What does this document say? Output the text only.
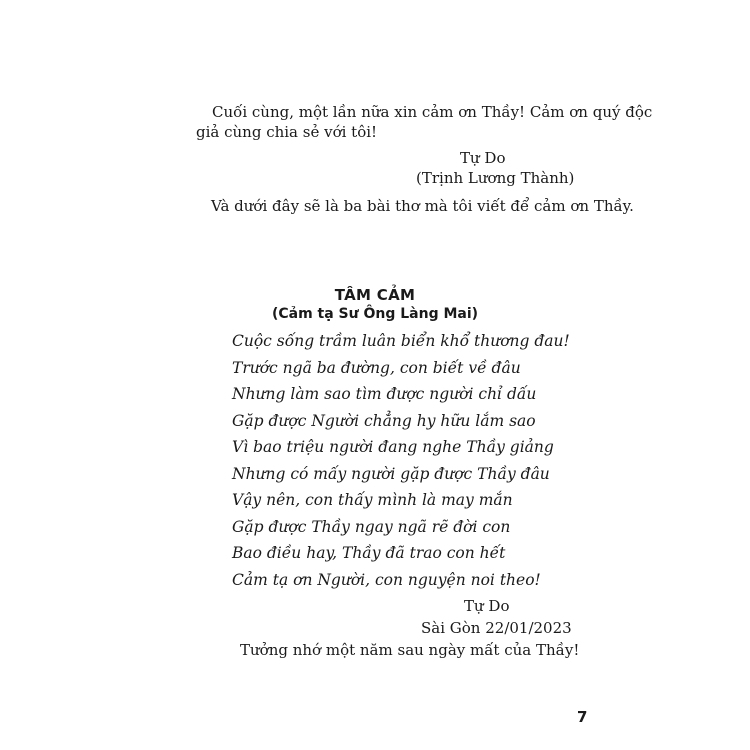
Cuối cùng, một lần nữa xin cảm ơn Thầy! Cảm ơn quý độc

giả cùng chia sẻ với tôi!

Tự Do

(Trịnh Lương Thành)

Và dưới đây sẽ là ba bài thơ mà tôi viết để cảm ơn Thầy.

TÂM CẢM
(Cảm tạ Sư Ông Làng Mai)
Cuộc sống trầm luân biển khổ thương đau!
Trước ngã ba đường, con biết về đâu
Nhưng làm sao tìm được người chỉ dấu
Gặp được Người chẳng hy hữu lắm sao
Vì bao triệu người đang nghe Thầy giảng
Nhưng có mấy người gặp được Thầy đâu
Vậy nên, con thấy mình là may mắn
Gặp được Thầy ngay ngã rẽ đời con
Bao điều hay, Thầy đã trao con hết
Cảm tạ ơn Người, con nguyện noi theo!

Tự Do

Sài Gòn 22/01/2023

Tưởng nhớ một năm sau ngày mất của Thầy!

7
